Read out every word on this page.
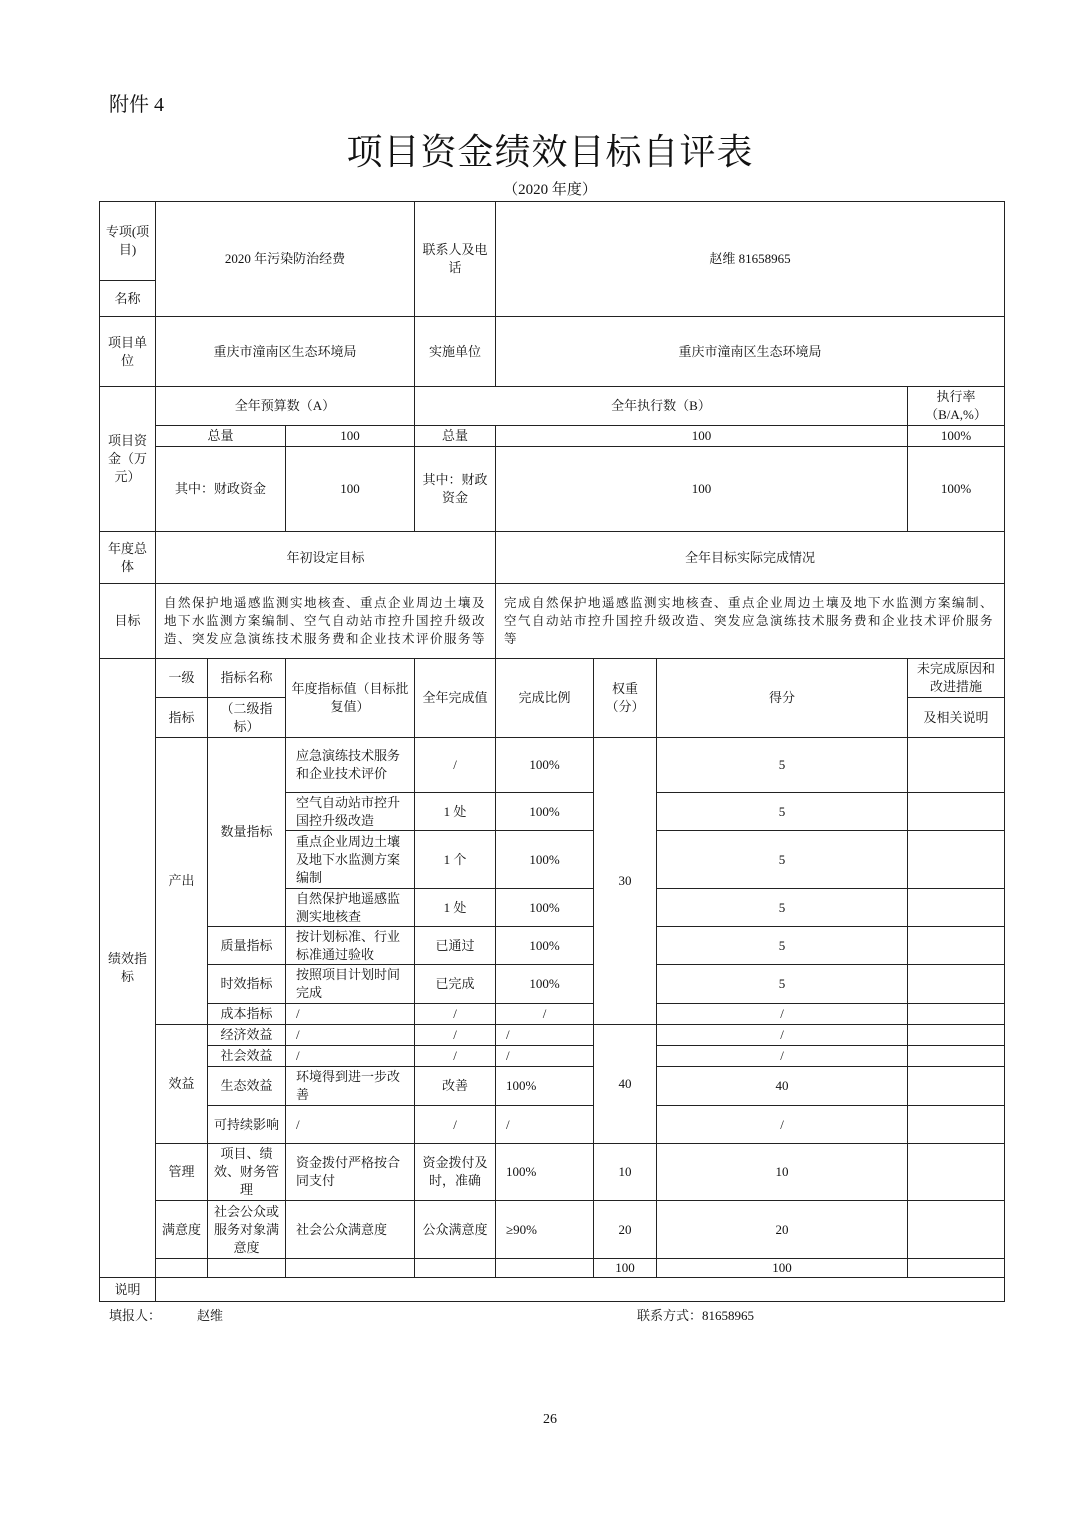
附件 4
项目资金绩效目标自评表
（2020 年度）
专项(项目)	2020 年污染防治经费			联系人及电话	赵维 81658965			
名称								
项目单位	重庆市潼南区生态环境局			实施单位	重庆市潼南区生态环境局			
项目资金（万元）	全年预算数（A）			全年执行数（B）				执行率（B/A,%）
	总量		100	总量	100			100%
	其中：财政资金		100	其中：财政资金	100			100%
年度总体	年初设定目标				全年目标实际完成情况			
目标	自然保护地遥感监测实地核查、重点企业周边土壤及地下水监测方案编制、空气自动站市控升国控升级改造、突发应急演练技术服务费和企业技术评价服务等				完成自然保护地遥感监测实地核查、重点企业周边土壤及地下水监测方案编制、空气自动站市控升国控升级改造、突发应急演练技术服务费和企业技术评价服务等			
绩效指标	一级	指标名称	年度指标值（目标批复值）	全年完成值	完成比例	权重（分）	得分	未完成原因和改进措施
	指标	（二级指标）						及相关说明
	产出	数量指标	应急演练技术服务和企业技术评价	/	100%	30	5	
			空气自动站市控升国控升级改造	1 处	100%		5	
			重点企业周边土壤及地下水监测方案编制	1 个	100%		5	
			自然保护地遥感监测实地核查	1 处	100%		5	
		质量指标	按计划标准、行业标准通过验收	已通过	100%		5	
		时效指标	按照项目计划时间完成	已完成	100%		5	
		成本指标	/	/	/		/	
	效益	经济效益	/	/	/	40	/	
		社会效益	/	/	/		/	
		生态效益	环境得到进一步改善	改善	100%		40	
		可持续影响	/	/	/		/	
	管理	项目、绩效、财务管理	资金拨付严格按合同支付	资金拨付及时，准确	100%	10	10	
	满意度	社会公众或服务对象满意度	社会公众满意度	公众满意度	≥90%	20	20	
						100	100	
说明								
填报人：	赵维	联系方式：81658965
26
